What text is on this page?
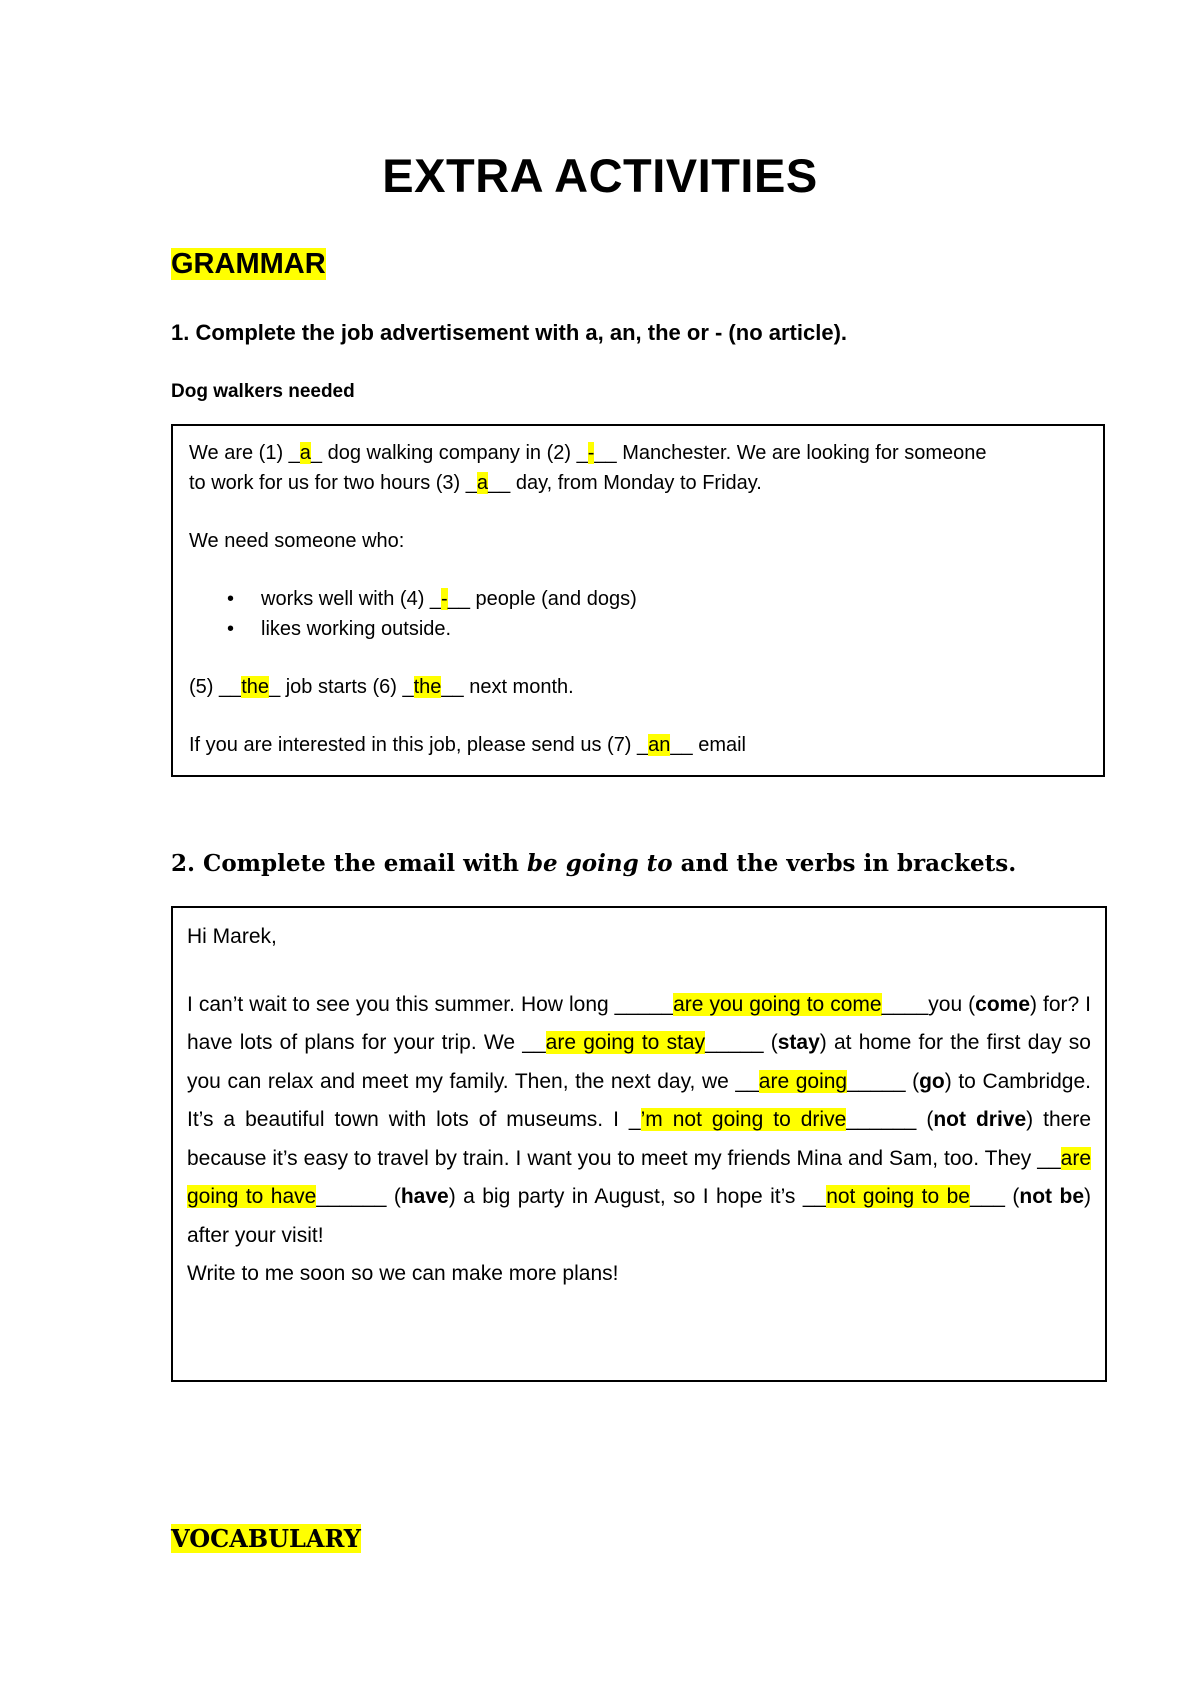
EXTRA ACTIVITIES
GRAMMAR
1. Complete the job advertisement with a, an, the or - (no article).
Dog walkers needed

We are (1) _a_ dog walking company in (2) _-__ Manchester. We are looking for someone

to work for us for two hours (3) _a__ day, from Monday to Friday.

We need someone who:

• works well with (4) _-__ people (and dogs)
• likes working outside.

(5) __the_ job starts (6) _the__ next month.

If you are interested in this job, please send us (7) _an__ email

2. Complete the email with be going to and the verbs in brackets.

Hi Marek,

I can’t wait to see you this summer. How long _____are you going to come____you (come) for? I have lots of plans for your trip. We __are going to stay_____ (stay) at home for the first day so you can relax and meet my family. Then, the next day, we __are going_____ (go) to Cambridge. It’s a beautiful town with lots of museums. I _’m not going to drive______ (not drive) there because it’s easy to travel by train. I want you to meet my friends Mina and Sam, too. They __are going to have______ (have) a big party in August, so I hope it’s __not going to be___ (not be) after your visit!

Write to me soon so we can make more plans!

VOCABULARY
